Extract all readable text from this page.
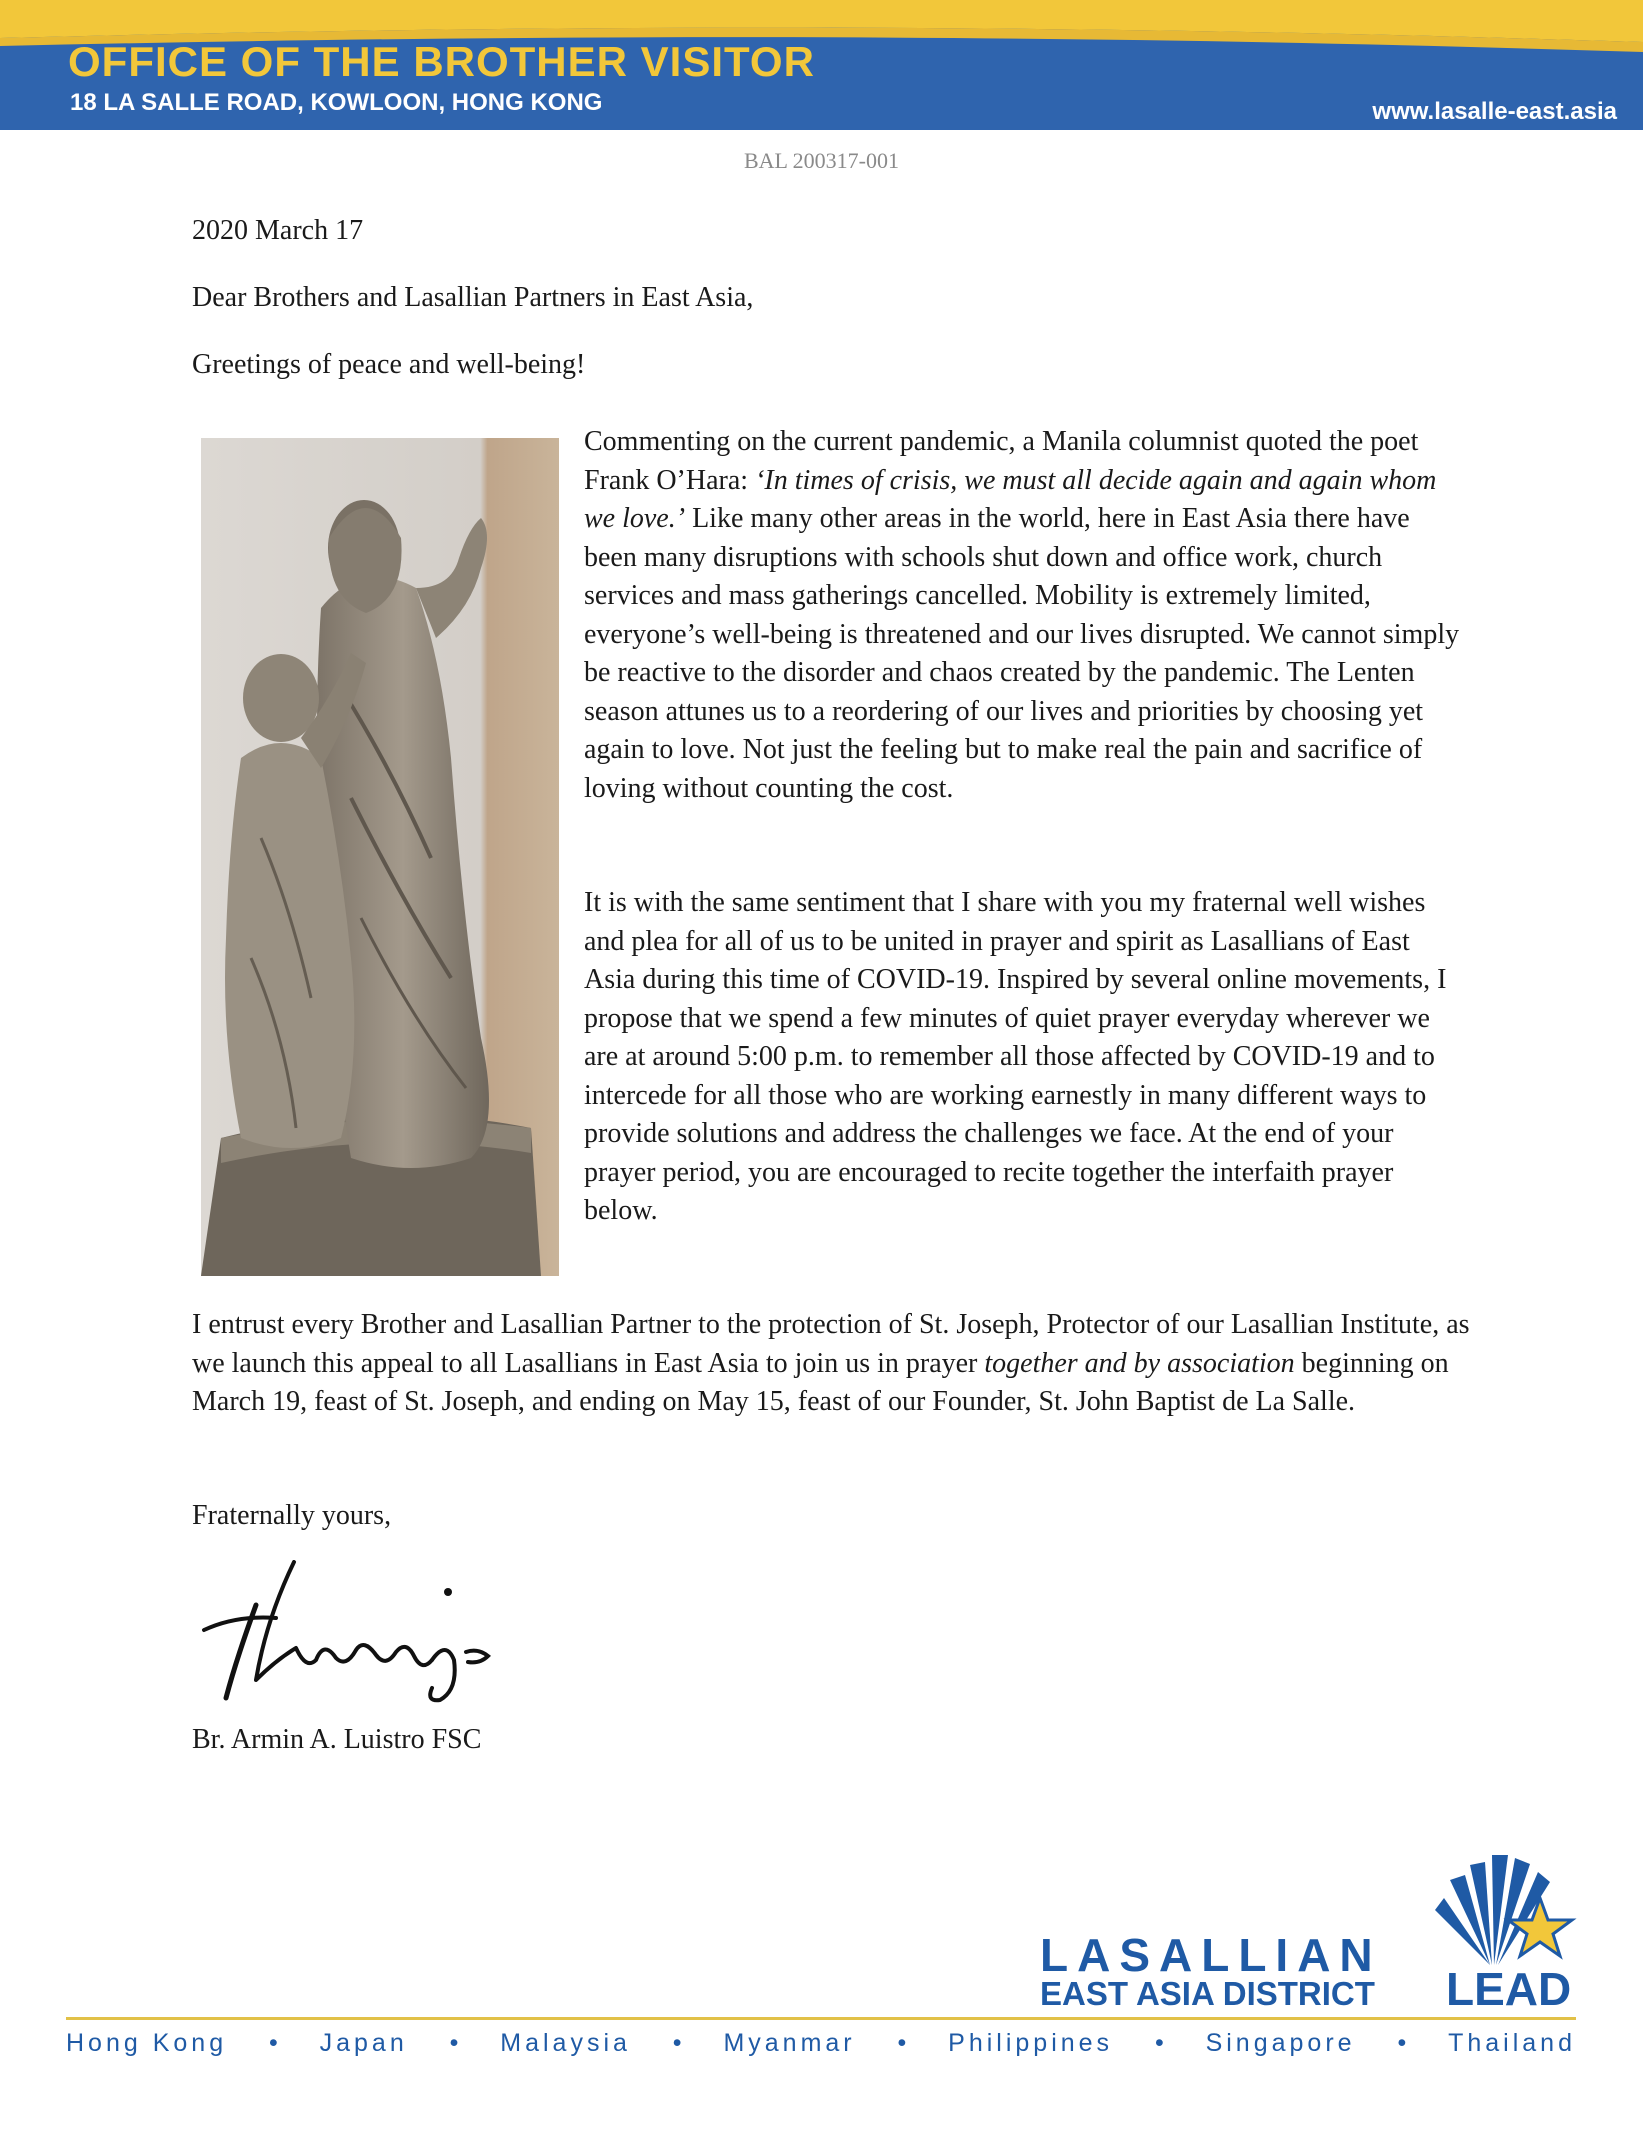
OFFICE OF THE BROTHER VISITOR
18 LA SALLE ROAD, KOWLOON, HONG KONG	www.lasalle-east.asia
BAL 200317-001
2020 March 17
Dear Brothers and Lasallian Partners in East Asia,
Greetings of peace and well-being!

Commenting on the current pandemic, a Manila columnist quoted the poet Frank O’Hara: ‘In times of crisis, we must all decide again and again whom we love.’ Like many other areas in the world, here in East Asia there have been many disruptions with schools shut down and office work, church services and mass gatherings cancelled. Mobility is extremely limited, everyone’s well-being is threatened and our lives disrupted. We cannot simply be reactive to the disorder and chaos created by the pandemic. The Lenten season attunes us to a reordering of our lives and priorities by choosing yet again to love. Not just the feeling but to make real the pain and sacrifice of loving without counting the cost.

It is with the same sentiment that I share with you my fraternal well wishes and plea for all of us to be united in prayer and spirit as Lasallians of East Asia during this time of COVID-19. Inspired by several online movements, I propose that we spend a few minutes of quiet prayer everyday wherever we are at around 5:00 p.m. to remember all those affected by COVID-19 and to intercede for all those who are working earnestly in many different ways to provide solutions and address the challenges we face. At the end of your prayer period, you are encouraged to recite together the interfaith prayer below.

I entrust every Brother and Lasallian Partner to the protection of St. Joseph, Protector of our Lasallian Institute, as we launch this appeal to all Lasallians in East Asia to join us in prayer together and by association beginning on March 19, feast of St. Joseph, and ending on May 15, feast of our Founder, St. John Baptist de La Salle.

Fraternally yours,
Br. Armin A. Luistro FSC
LASALLIAN
EAST ASIA DISTRICT LEAD
Hong Kong • Japan • Malaysia • Myanmar • Philippines • Singapore • Thailand
